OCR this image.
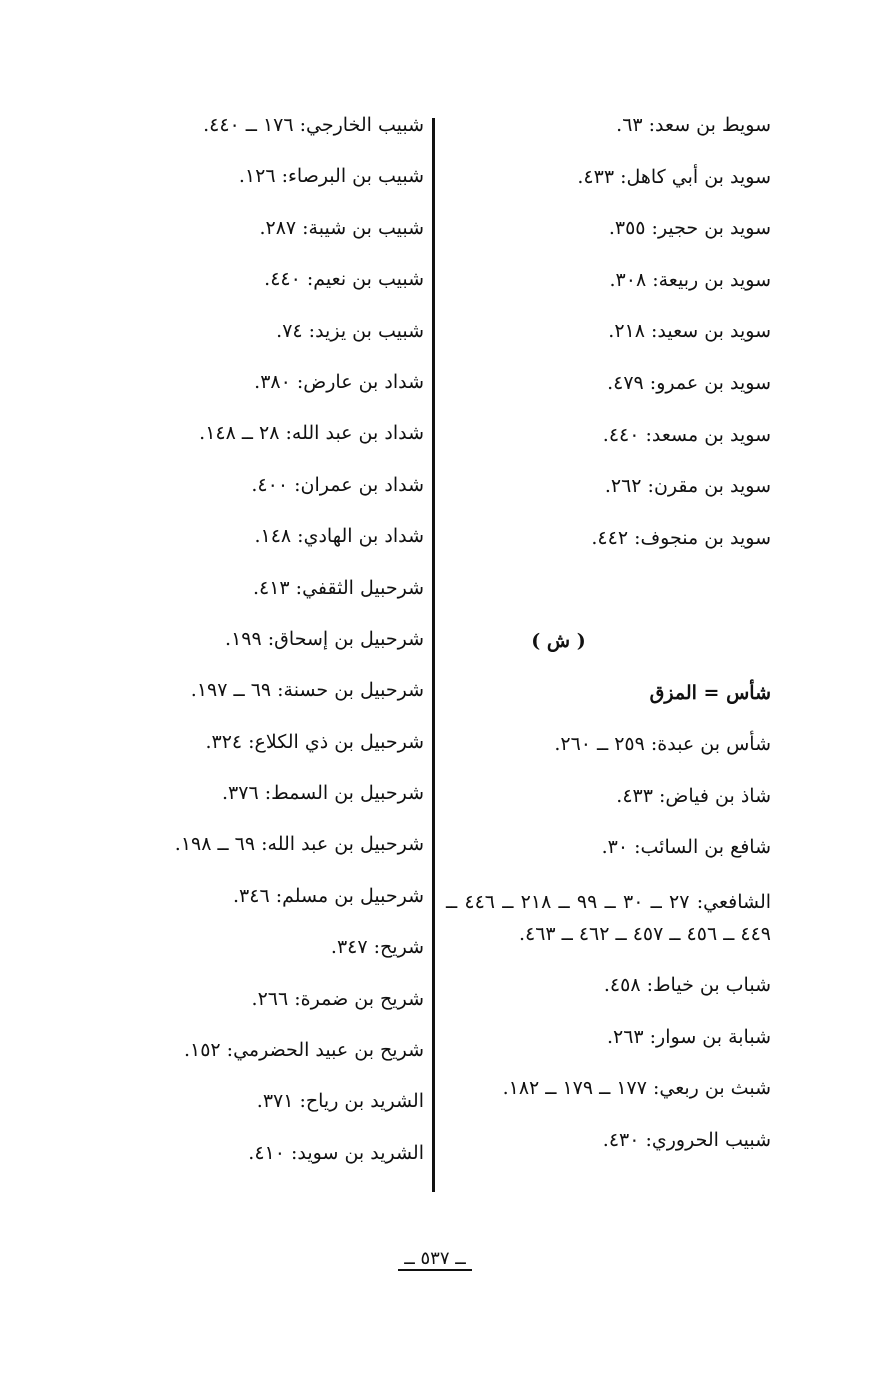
سويط بن سعد: ٦٣.
سويد بن أبي كاهل: ٤٣٣.
سويد بن حجير: ٣٥٥.
سويد بن ربيعة: ٣٠٨.
سويد بن سعيد: ٢١٨.
سويد بن عمرو: ٤٧٩.
سويد بن مسعد: ٤٤٠.
سويد بن مقرن: ٢٦٢.
سويد بن منجوف: ٤٤٢.
( ش )
شأس = المزق
شأس بن عبدة: ٢٥٩ ــ ٢٦٠.
شاذ بن فياض: ٤٣٣.
شافع بن السائب: ٣٠.
الشافعي: ٢٧ ــ ٣٠ ــ ٩٩ ــ ٢١٨ ــ ٤٤٦ ــ ٤٤٩ ــ ٤٥٦ ــ ٤٥٧ ــ ٤٦٢ ــ ٤٦٣.
شباب بن خياط: ٤٥٨.
شبابة بن سوار: ٢٦٣.
شبث بن ربعي: ١٧٧ ــ ١٧٩ ــ ١٨٢.
شبيب الحروري: ٤٣٠.
شبيب الخارجي: ١٧٦ ــ ٤٤٠.
شبيب بن البرصاء: ١٢٦.
شبيب بن شيبة: ٢٨٧.
شبيب بن نعيم: ٤٤٠.
شبيب بن يزيد: ٧٤.
شداد بن عارض: ٣٨٠.
شداد بن عبد الله: ٢٨ ــ ١٤٨.
شداد بن عمران: ٤٠٠.
شداد بن الهادي: ١٤٨.
شرحبيل الثقفي: ٤١٣.
شرحبيل بن إسحاق: ١٩٩.
شرحبيل بن حسنة: ٦٩ ــ ١٩٧.
شرحبيل بن ذي الكلاع: ٣٢٤.
شرحبيل بن السمط: ٣٧٦.
شرحبيل بن عبد الله: ٦٩ ــ ١٩٨.
شرحبيل بن مسلم: ٣٤٦.
شريح: ٣٤٧.
شريح بن ضمرة: ٢٦٦.
شريح بن عبيد الحضرمي: ١٥٢.
الشريد بن رياح: ٣٧١.
الشريد بن سويد: ٤١٠.
ــ ٥٣٧ ــ
